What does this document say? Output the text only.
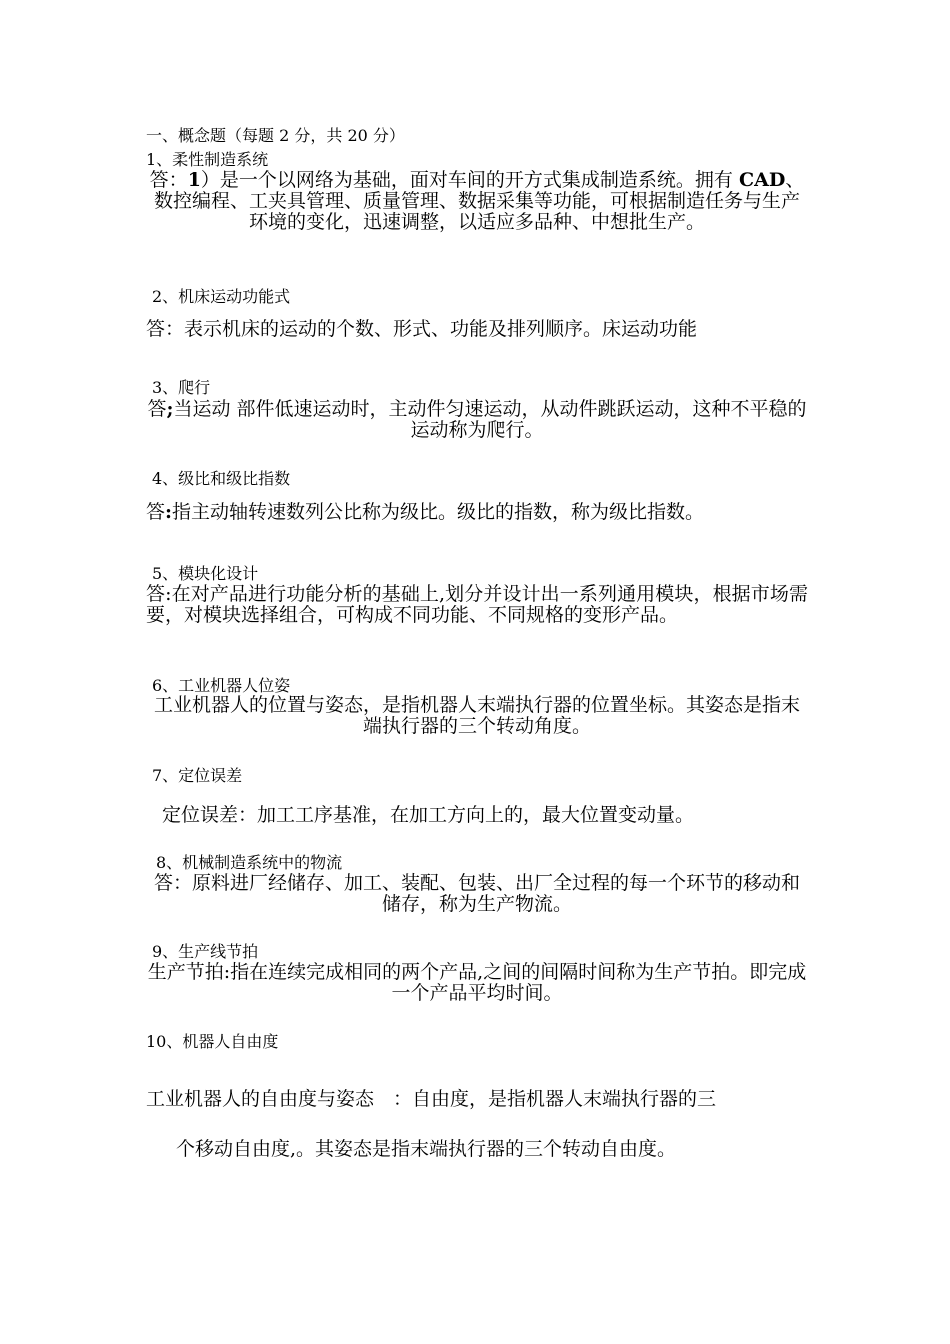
一、概念题（每题 2 分，共 20 分）
1、柔性制造系统
答：1）是一个以网络为基础，面对车间的开方式集成制造系统。拥有 CAD、 数控编程、工夹具管理、质量管理、数据采集等功能，可根据制造任务与生产环境的变化，迅速调整，以适应多品种、中想批生产。
2、机床运动功能式
答：表示机床的运动的个数、形式、功能及排列顺序。床运动功能
3、爬行
答;当运动 部件低速运动时，主动件匀速运动，从动件跳跃运动，这种不平稳的运动称为爬行。
4、级比和级比指数
答:指主动轴转速数列公比称为级比。级比的指数，称为级比指数。
5、模块化设计
答:在对产品进行功能分析的基础上,划分并设计出一系列通用模块，根据市场需要，对模块选择组合，可构成不同功能、不同规格的变形产品。
6、工业机器人位姿
工业机器人的位置与姿态，是指机器人末端执行器的位置坐标。其姿态是指末端执行器的三个转动角度。
7、定位误差
定位误差：加工工序基准，在加工方向上的，最大位置变动量。
8、机械制造系统中的物流
答：原料进厂经储存、加工、装配、包装、出厂全过程的每一个环节的移动和储存，称为生产物流。
9、生产线节拍
生产节拍:指在连续完成相同的两个产品,之间的间隔时间称为生产节拍。即完成一个产品平均时间。
10、机器人自由度
工业机器人的自由度与姿态　：自由度，是指机器人末端执行器的三
个移动自由度,。其姿态是指末端执行器的三个转动自由度。
